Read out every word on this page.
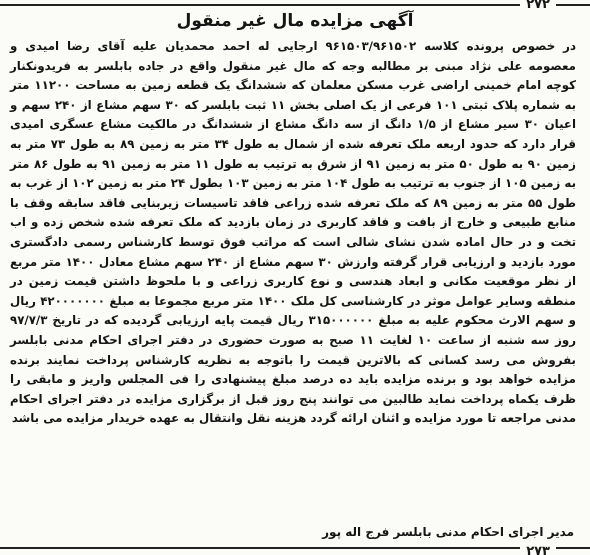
۲۷۲
آگهی مزایده مال غیر منقول
در خصوص پرونده کلاسه ۹۶۱۵۰۳/۹۶۱۵۰۲ ارجایی له احمد محمدیان علیه آقای رضا امیدی و معصومه علی نژاد مبنی بر مطالبه وجه که مال غیر منقول واقع در جاده بابلسر به فریدونکنار کوچه امام خمینی اراضی غرب مسکن معلمان که ششدانگ یک قطعه زمین به مساحت ۱۱۲۰۰ متر به شماره پلاک ثبتی ۱۰۱ فرعی از یک اصلی بخش ۱۱ ثبت بابلسر که ۳۰ سهم مشاع از ۲۴۰ سهم و اعیان ۳۰ سیر مشاع از ۱/۵ دانگ از سه دانگ مشاع از ششدانگ در مالکیت مشاع عسگری امیدی قرار دارد که حدود اربعه ملک تعرفه شده از شمال به طول ۳۴ متر به زمین ۸۹ به طول ۷۳ متر به زمین ۹۰ به طول ۵۰ متر به زمین ۹۱ از شرق به ترتیب به طول ۱۱ متر به زمین ۹۱ به طول ۸۶ متر به زمین ۱۰۵ از جنوب به ترتیب به طول ۱۰۴ متر به زمین ۱۰۳ بطول ۲۴ متر به زمین ۱۰۲ از غرب به طول ۵۵ متر به زمین ۸۹ که ملک تعرفه شده زراعی فاقد تاسیسات زیربنایی فاقد سابقه وقف با منابع طبیعی و خارج از بافت و فاقد کاربری در زمان بازدید که ملک تعرفه شده شخص زده و اب تخت و در حال اماده شدن نشای شالی است که مراتب فوق توسط کارشناس رسمی دادگستری مورد بازدید و ارزیابی قرار گرفته وارزش ۳۰ سهم مشاع از ۲۴۰ سهم مشاع معادل ۱۴۰۰ متر مربع از نظر موقعیت مکانی و ابعاد هندسی و نوع کاربری زراعی و با ملحوظ داشتن قیمت زمین در منطقه وسایر عوامل موثر در کارشناسی کل ملک ۱۴۰۰ متر مربع مجموعا به مبلغ ۴۲۰۰۰۰۰۰۰ ریال و سهم الارث محکوم علیه به مبلغ ۳۱۵۰۰۰۰۰۰ ریال قیمت پایه ارزیابی گردیده که در تاریخ ۹۷/۷/۳ روز سه شنبه از ساعت ۱۰ لغایت ۱۱ صبح به صورت حضوری در دفتر اجرای احکام مدنی بابلسر بفروش می رسد کسانی که بالاترین قیمت را باتوجه به نظریه کارشناس پرداخت نمایند برنده مزایده خواهد بود و برنده مزایده باید ده درصد مبلغ پیشنهادی را فی المجلس واریز و مابقی را ظرف یکماه پرداخت نماید طالبین می توانند پنج روز قبل از برگزاری مزایده در دفتر اجرای احکام مدنی مراجعه تا مورد مزایده و اثنان ارائه گردد هزینه نقل وانتقال به عهده خریدار مزایده می باشد
مدیر اجرای احکام مدنی بابلسر فرج اله پور
۲۷۳
